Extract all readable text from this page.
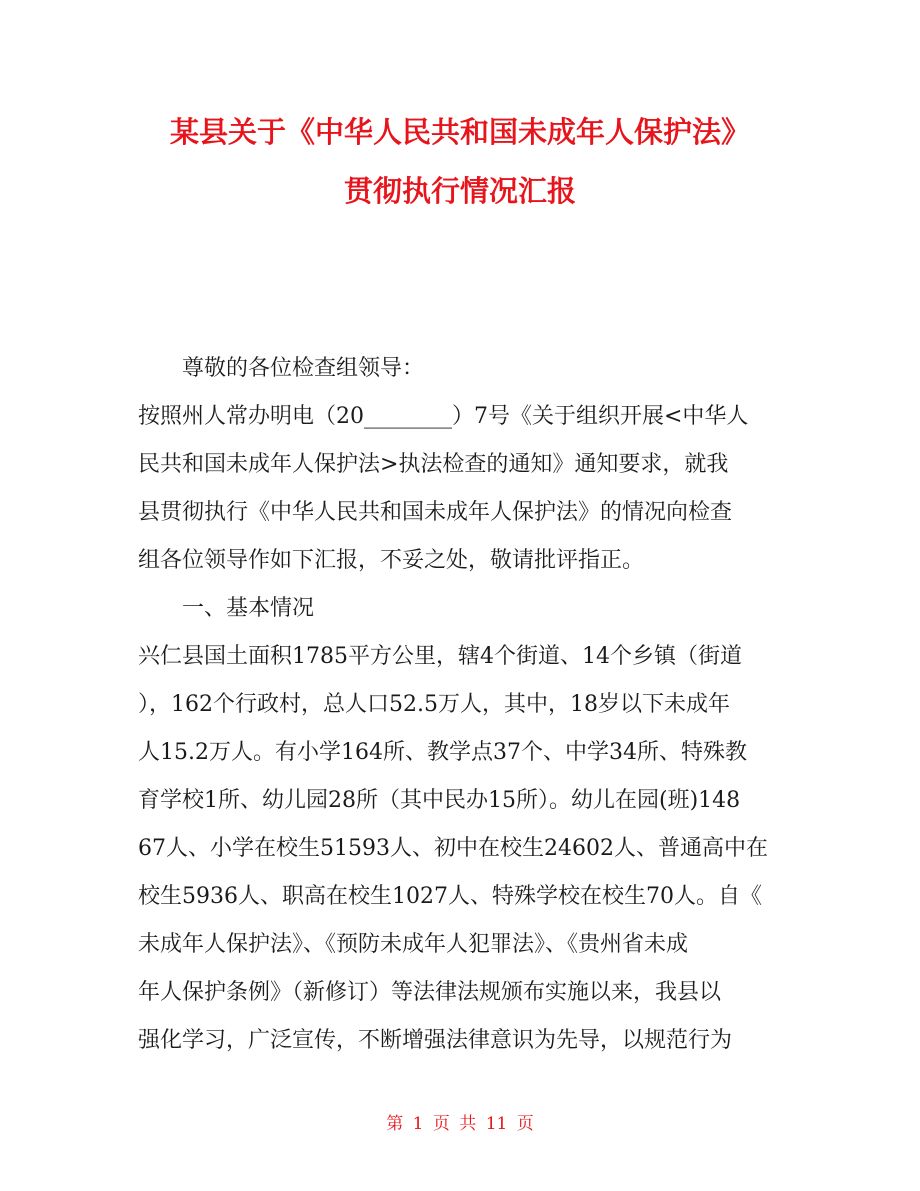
某县关于《中华人民共和国未成年人保护法》
贯彻执行情况汇报
尊敬的各位检查组领导：
按照州人常办明电（20________）7号《关于组织开展<中华人
民共和国未成年人保护法>执法检查的通知》通知要求，就我
县贯彻执行《中华人民共和国未成年人保护法》的情况向检查
组各位领导作如下汇报，不妥之处，敬请批评指正。
一、基本情况
兴仁县国土面积1785平方公里，辖4个街道、14个乡镇（街道
），162个行政村，总人口52.5万人，其中，18岁以下未成年
人15.2万人。有小学164所、教学点37个、中学34所、特殊教
育学校1所、幼儿园28所（其中民办15所）。幼儿在园(班)148
67人、小学在校生51593人、初中在校生24602人、普通高中在
校生5936人、职高在校生1027人、特殊学校在校生70人。自《
未成年人保护法》、《预防未成年人犯罪法》、《贵州省未成
年人保护条例》（新修订）等法律法规颁布实施以来，我县以
强化学习，广泛宣传，不断增强法律意识为先导，以规范行为
第 1 页 共 11 页
